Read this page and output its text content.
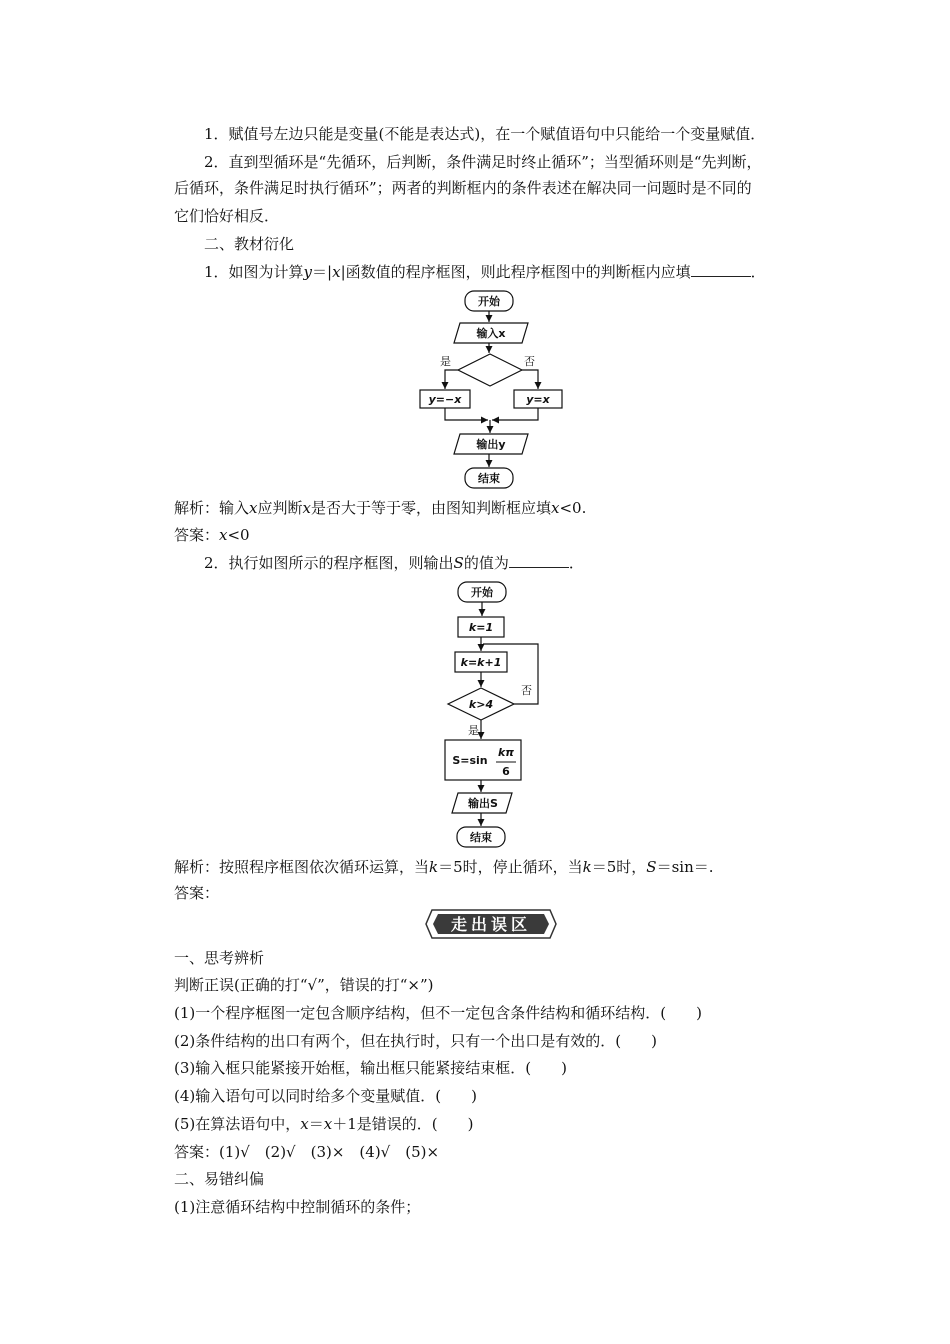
1．赋值号左边只能是变量(不能是表达式)，在一个赋值语句中只能给一个变量赋值．
2．直到型循环是“先循环，后判断，条件满足时终止循环”；当型循环则是“先判断，
后循环，条件满足时执行循环”；两者的判断框内的条件表述在解决同一问题时是不同的
它们恰好相反．
二、教材衍化
1．如图为计算y＝|x|函数值的程序框图，则此程序框图中的判断框内应填	．
开始
输入x
y=−x	y=x
输出y
结束
是	否
解析：输入x应判断x是否大于等于零，由图知判断框应填x<0.
答案：x<0
2．执行如图所示的程序框图，则输出S的值为	．
开始
k=1
k=k+1
k>4
S=sin
kπ
6
输出S
结束
否
是
解析：按照程序框图依次循环运算，当k＝5时，停止循环，当k＝5时，S＝sin＝.
答案：
走出误区
一、思考辨析
判断正误(正确的打“√”，错误的打“×”)
(1)一个程序框图一定包含顺序结构，但不一定包含条件结构和循环结构．(　　)
(2)条件结构的出口有两个，但在执行时，只有一个出口是有效的．(　　)
(3)输入框只能紧接开始框，输出框只能紧接结束框．(　　)
(4)输入语句可以同时给多个变量赋值．(　　)
(5)在算法语句中，x＝x＋1是错误的．(　　)
答案：(1)√　(2)√　(3)×　(4)√　(5)×
二、易错纠偏
(1)注意循环结构中控制循环的条件；
